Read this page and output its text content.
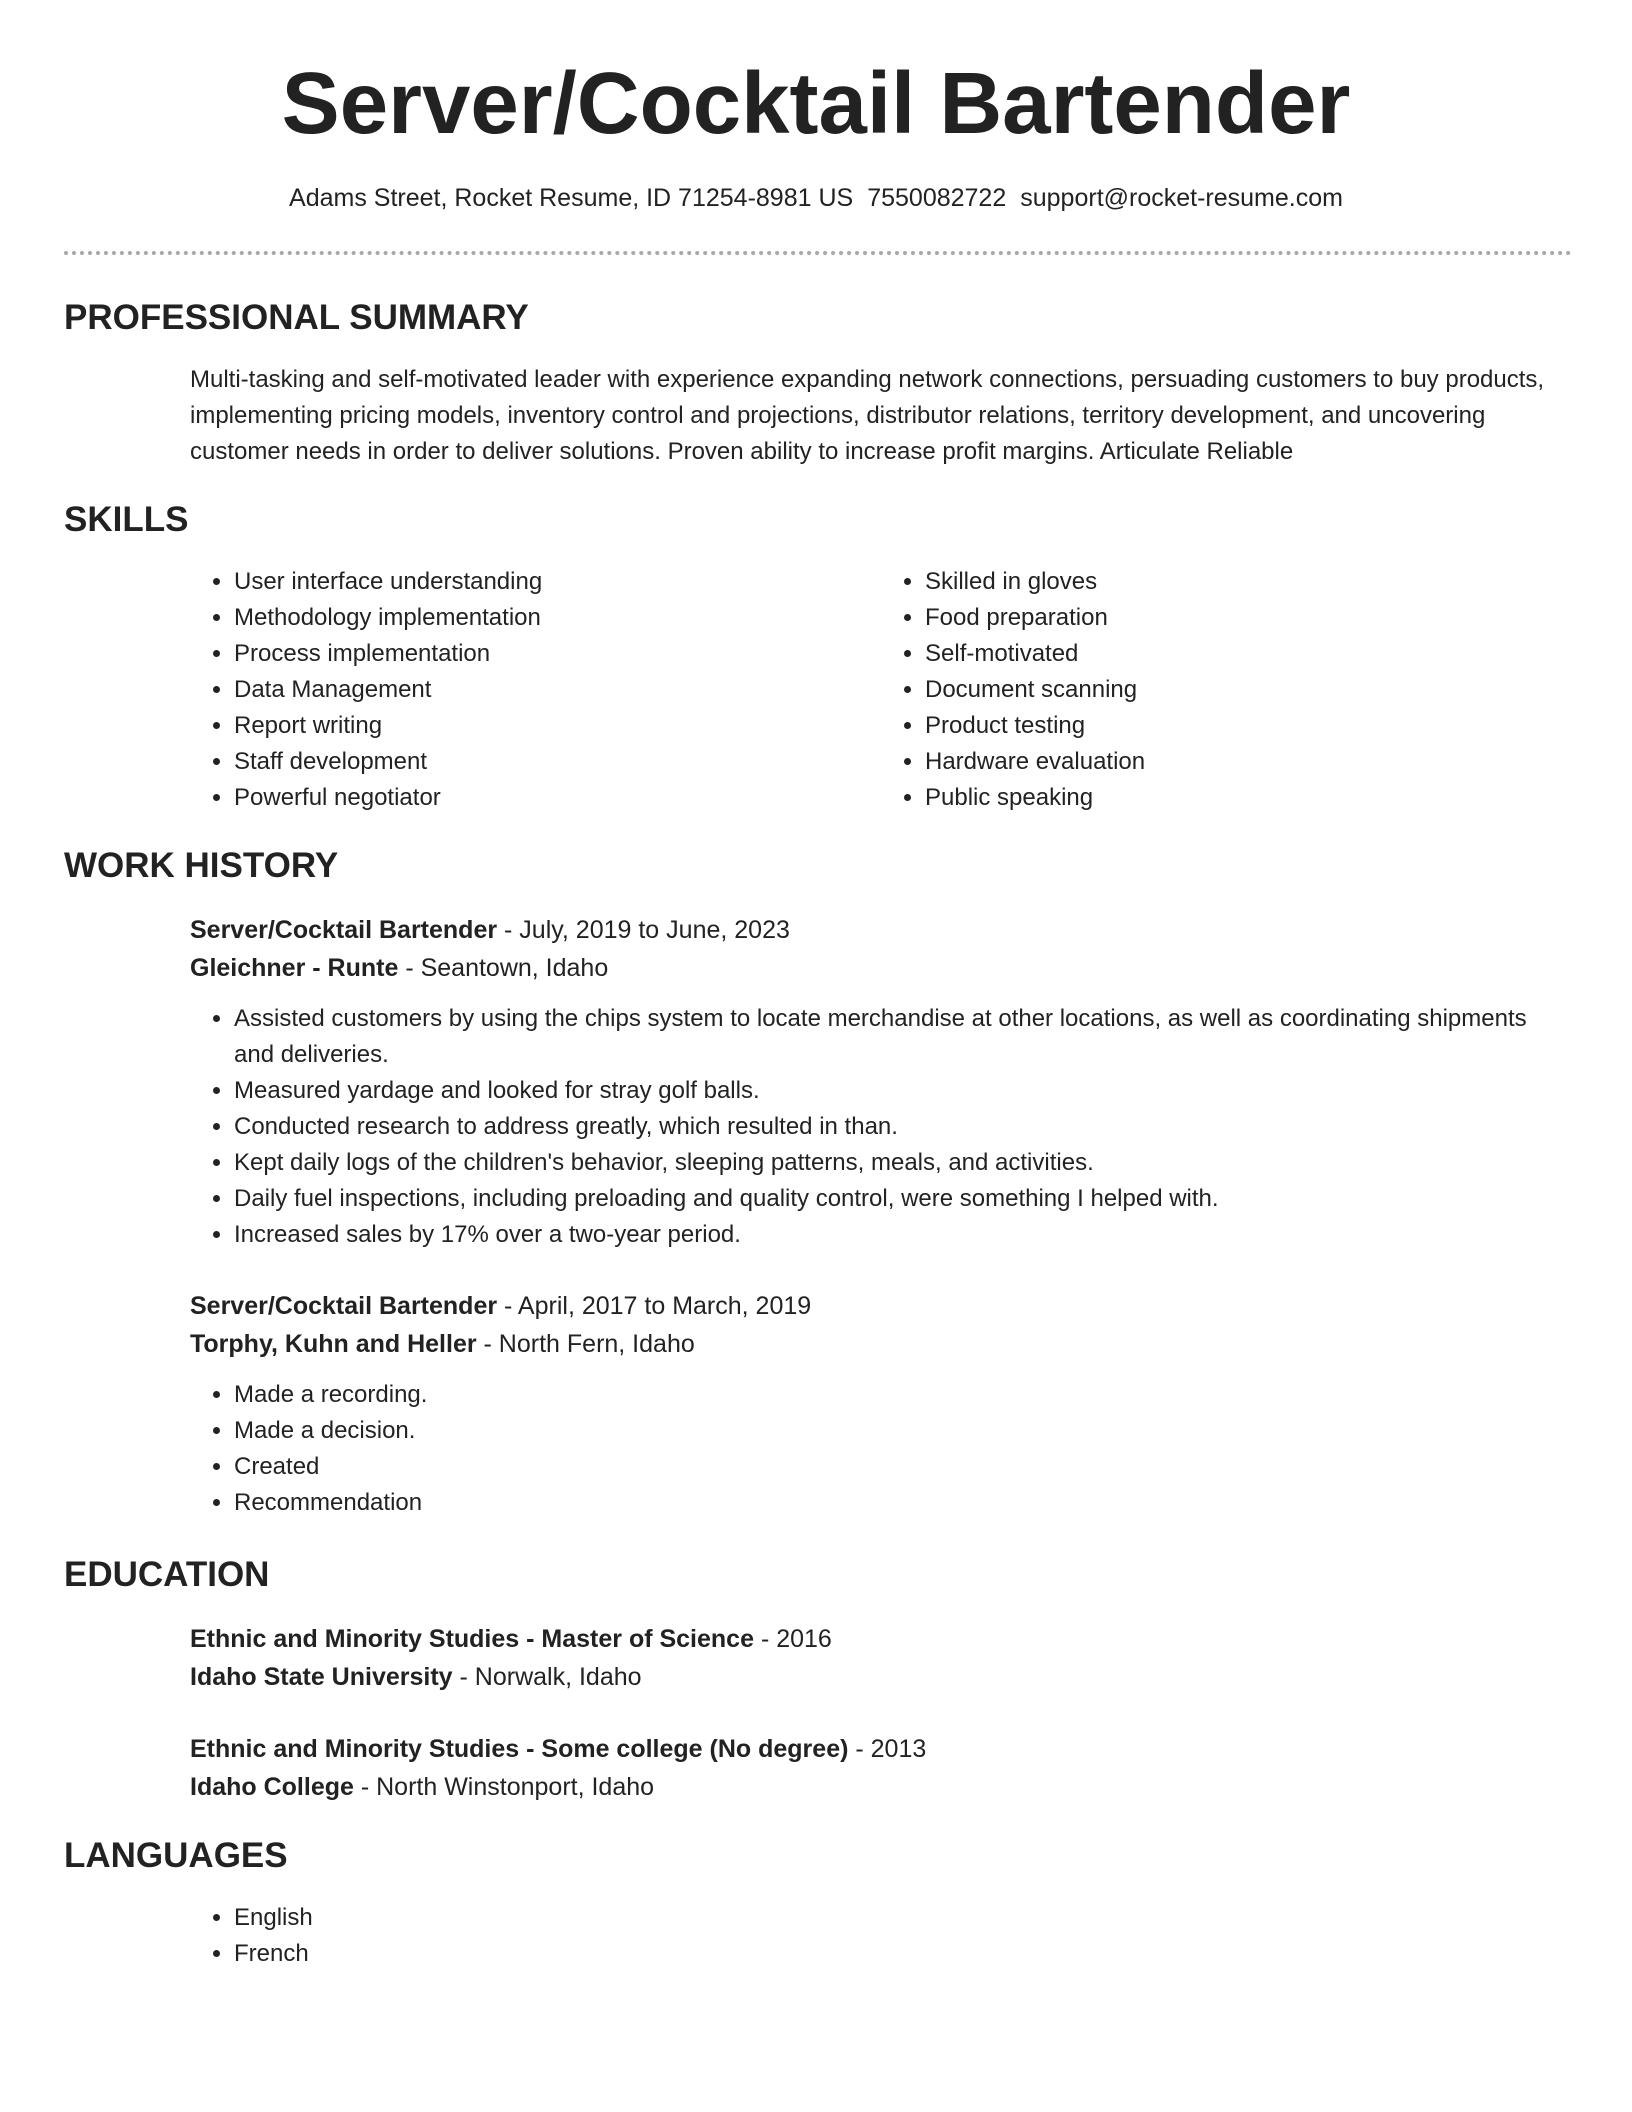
Server/Cocktail Bartender
Adams Street, Rocket Resume, ID 71254-8981 US 7550082722 support@rocket-resume.com
PROFESSIONAL SUMMARY

Multi-tasking and self-motivated leader with experience expanding network connections, persuading customers to buy products, implementing pricing models, inventory control and projections, distributor relations, territory development, and uncovering customer needs in order to deliver solutions. Proven ability to increase profit margins. Articulate Reliable

SKILLS
• User interface understanding
• Methodology implementation
• Process implementation
• Data Management
• Report writing
• Staff development
• Powerful negotiator
• Skilled in gloves
• Food preparation
• Self-motivated
• Document scanning
• Product testing
• Hardware evaluation
• Public speaking
WORK HISTORY

Server/Cocktail Bartender - July, 2019 to June, 2023

Gleichner - Runte - Seantown, Idaho

• Assisted customers by using the chips system to locate merchandise at other locations, as well as coordinating shipments and deliveries.
• Measured yardage and looked for stray golf balls.
• Conducted research to address greatly, which resulted in than.
• Kept daily logs of the children's behavior, sleeping patterns, meals, and activities.
• Daily fuel inspections, including preloading and quality control, were something I helped with.
• Increased sales by 17% over a two-year period.

Server/Cocktail Bartender - April, 2017 to March, 2019

Torphy, Kuhn and Heller - North Fern, Idaho

• Made a recording.
• Made a decision.
• Created
• Recommendation
EDUCATION

Ethnic and Minority Studies - Master of Science - 2016

Idaho State University - Norwalk, Idaho

Ethnic and Minority Studies - Some college (No degree) - 2013

Idaho College - North Winstonport, Idaho

LANGUAGES
• English
• French
